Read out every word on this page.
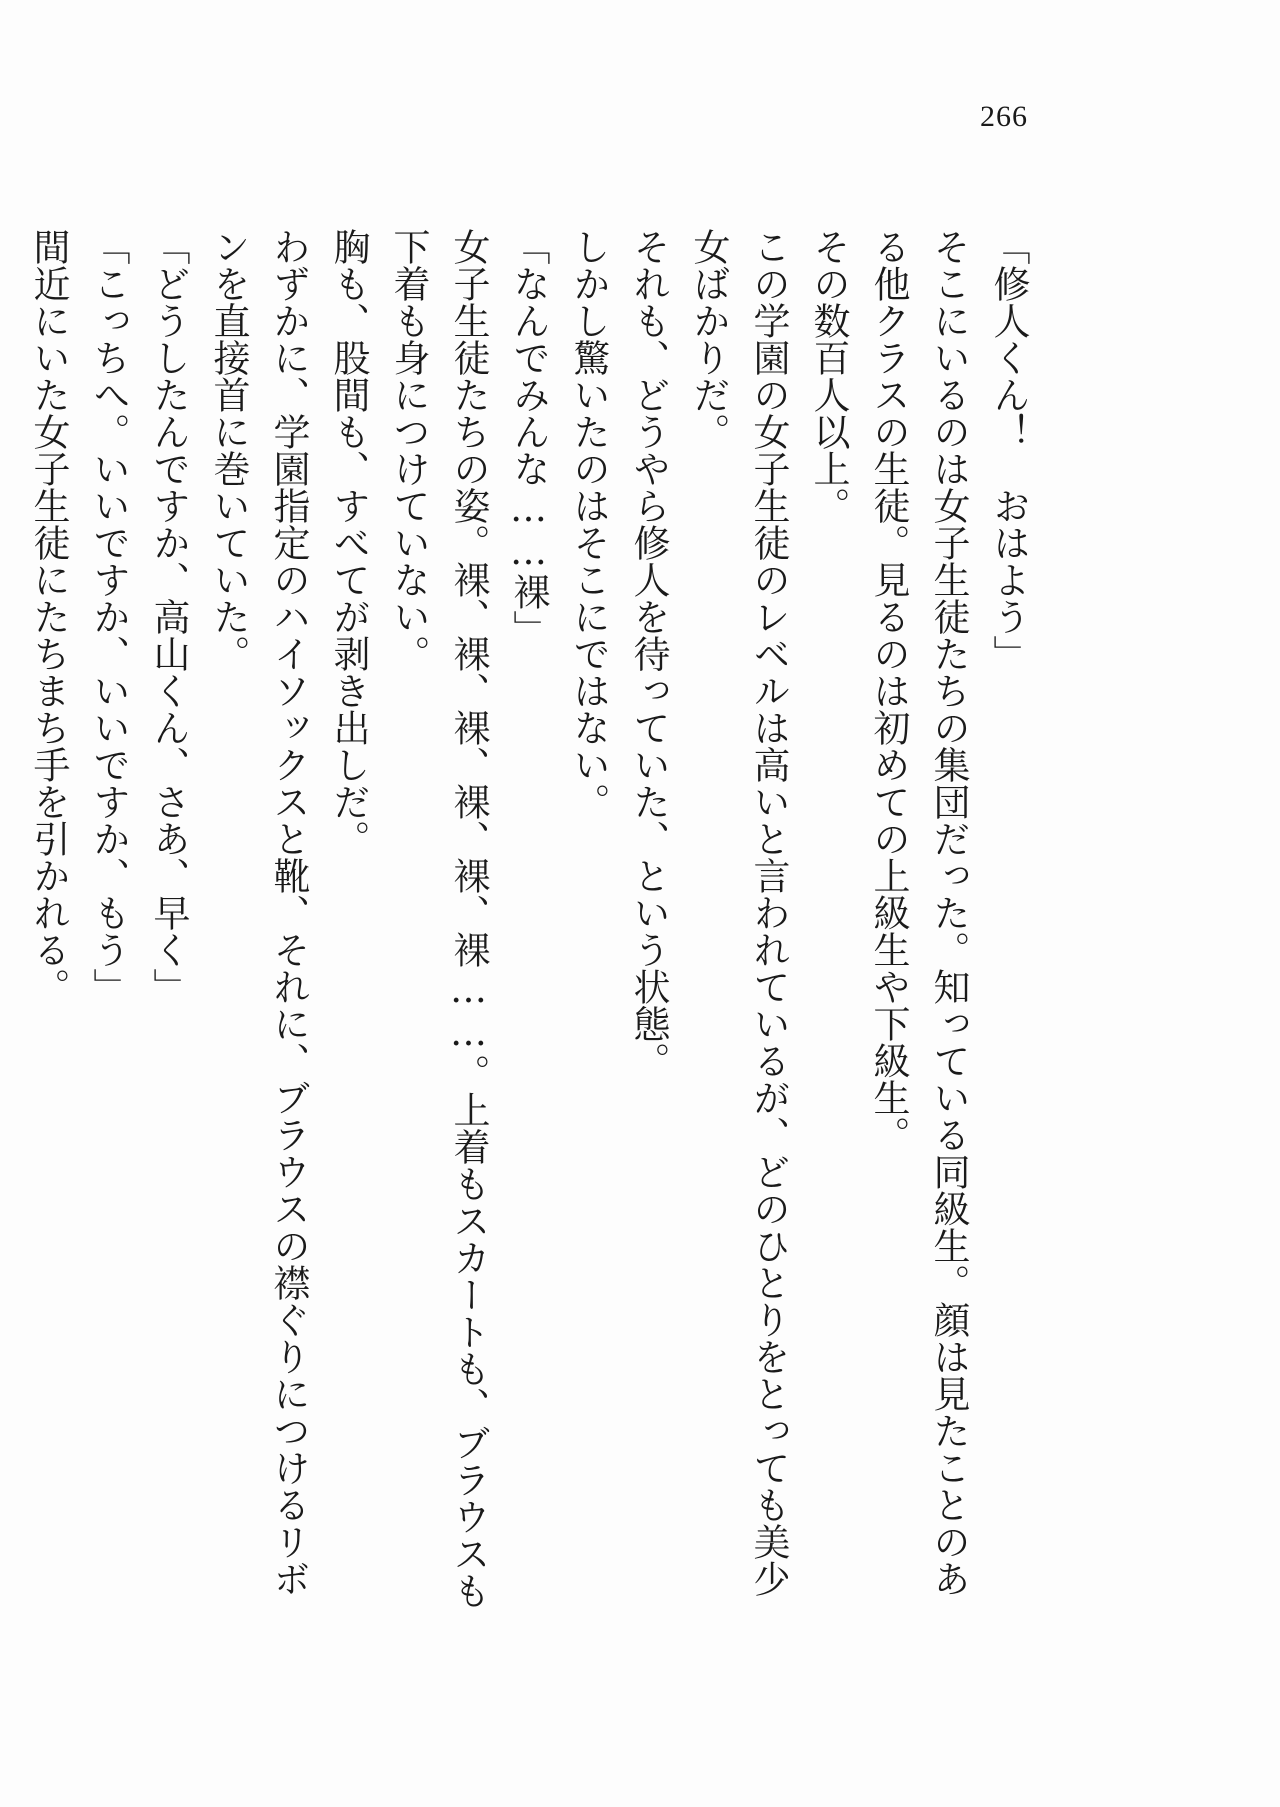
266
「修人くん！　おはよう」
そこにいるのは女子生徒たちの集団だった。知っている同級生。顔は見たことのあ
る他クラスの生徒。見るのは初めての上級生や下級生。
その数百人以上。
この学園の女子生徒のレベルは高いと言われているが、どのひとりをとっても美少
女ばかりだ。
それも、どうやら修人を待っていた、という状態。
しかし驚いたのはそこにではない。
「なんでみんな……裸」
女子生徒たちの姿。裸、裸、裸、裸、裸、裸……。上着もスカートも、ブラウスも
下着も身につけていない。
胸も、股間も、すべてが剥き出しだ。
わずかに、学園指定のハイソックスと靴、それに、ブラウスの襟ぐりにつけるリボ
ンを直接首に巻いていた。
「どうしたんですか、高山くん、さあ、早く」
「こっちへ。いいですか、いいですか、もう」
間近にいた女子生徒にたちまち手を引かれる。
